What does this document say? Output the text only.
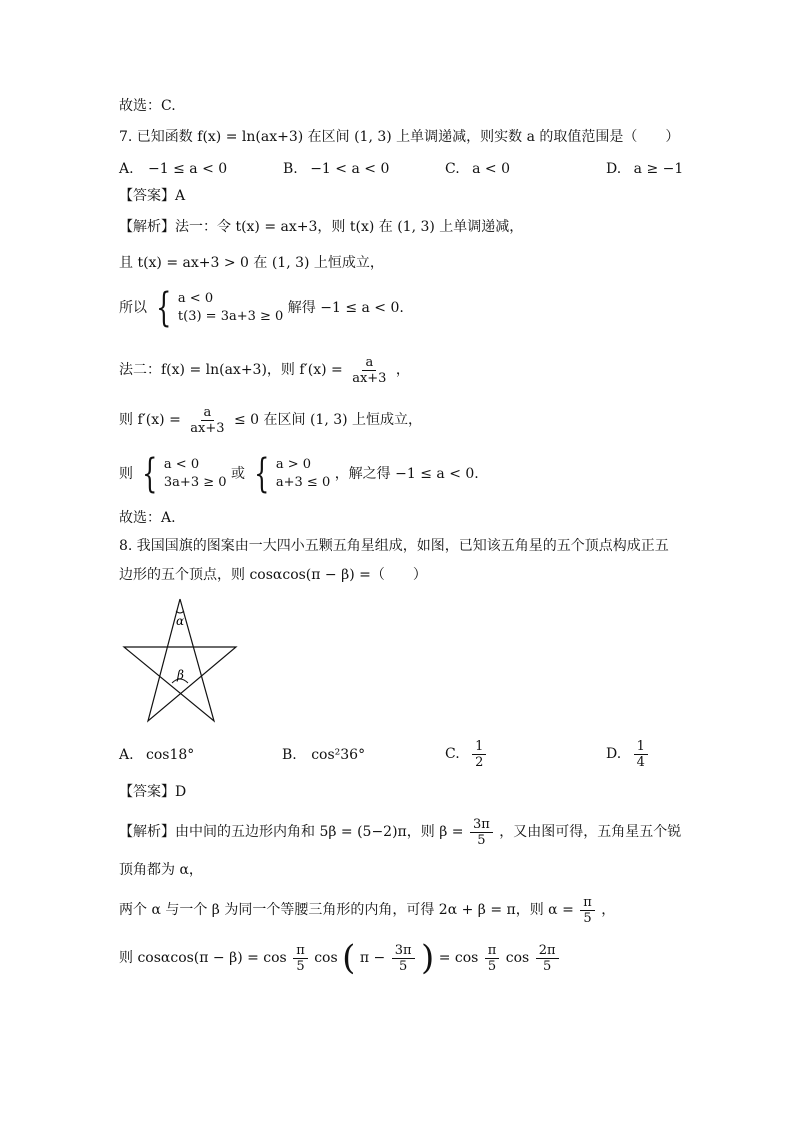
故选：C.
7. 已知函数 f(x) = ln(ax+3) 在区间 (1, 3) 上单调递减，则实数 a 的取值范围是（　　）
A. −1 ≤ a < 0	B. −1 < a < 0	C. a < 0	D. a ≥ −1
【答案】A
【解析】法一：令 t(x) = ax+3，则 t(x) 在 (1, 3) 上单调递减，
且 t(x) = ax+3 > 0 在 (1, 3) 上恒成立，
所以 { a < 0
t(3) = 3a+3 ≥ 0
解得 −1 ≤ a < 0.
法二：f(x) = ln(ax+3)，则 $f'(x) = \frac{a}{ax+3}$ ，
则 $f'(x) = \frac{a}{ax+3} \le 0$ 在区间 (1, 3) 上恒成立，
则 { a < 0
3a+3 ≥ 0
或 { a > 0
a+3 ≤ 0
，解之得 −1 ≤ a < 0.
故选：A.
8. 我国国旗的图案由一大四小五颗五角星组成，如图，已知该五角星的五个顶点构成正五
边形的五个顶点，则 cosαcos(π − β) =（　　）
α
β
A. cos18°	B. cos²36°	C. $\frac{1}{2}$	D. $\frac{1}{4}$
【答案】D
【解析】由中间的五边形内角和 5β = (5−2)π，则 $\beta = \frac{3\pi}{5}$ ，又由图可得，五角星五个锐
顶角都为 α，
两个 α 与一个 β 为同一个等腰三角形的内角，可得 2α + β = π，则 $\alpha = \frac{\pi}{5}$ ，
则 $\cos\alpha\cos(\pi - \beta) = \cos \frac{\pi}{5}$ cos ( $\pi - \frac{3\pi}{5}$ ) = $\cos \frac{\pi}{5}$ $\cos \frac{2\pi}{5}$
